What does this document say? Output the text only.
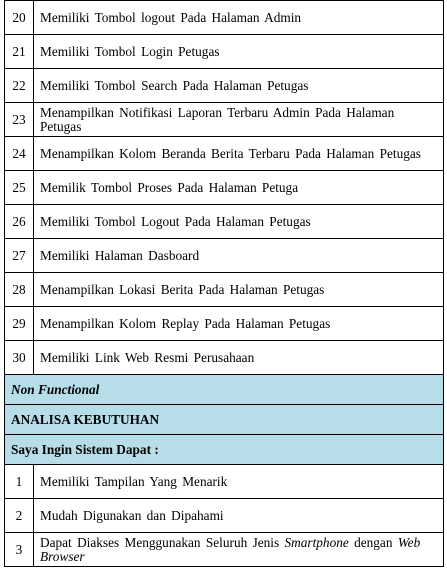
20	Memiliki Tombol logout Pada Halaman Admin
21	Memiliki Tombol Login Petugas
22	Memiliki Tombol Search Pada Halaman Petugas
23	Menampilkan Notifikasi Laporan Terbaru Admin Pada Halaman Petugas
24	Menampilkan Kolom Beranda Berita Terbaru Pada Halaman Petugas
25	Memilik Tombol Proses Pada Halaman Petuga
26	Memiliki Tombol Logout Pada Halaman Petugas
27	Memiliki Halaman Dasboard
28	Menampilkan Lokasi Berita Pada Halaman Petugas
29	Menampilkan Kolom Replay Pada Halaman Petugas
30	Memiliki Link Web Resmi Perusahaan
Non Functional	
ANALISA KEBUTUHAN	
Saya Ingin Sistem Dapat :	
1	Memiliki Tampilan Yang Menarik
2	Mudah Digunakan dan Dipahami
3	Dapat Diakses Menggunakan Seluruh Jenis Smartphone dengan Web Browser
